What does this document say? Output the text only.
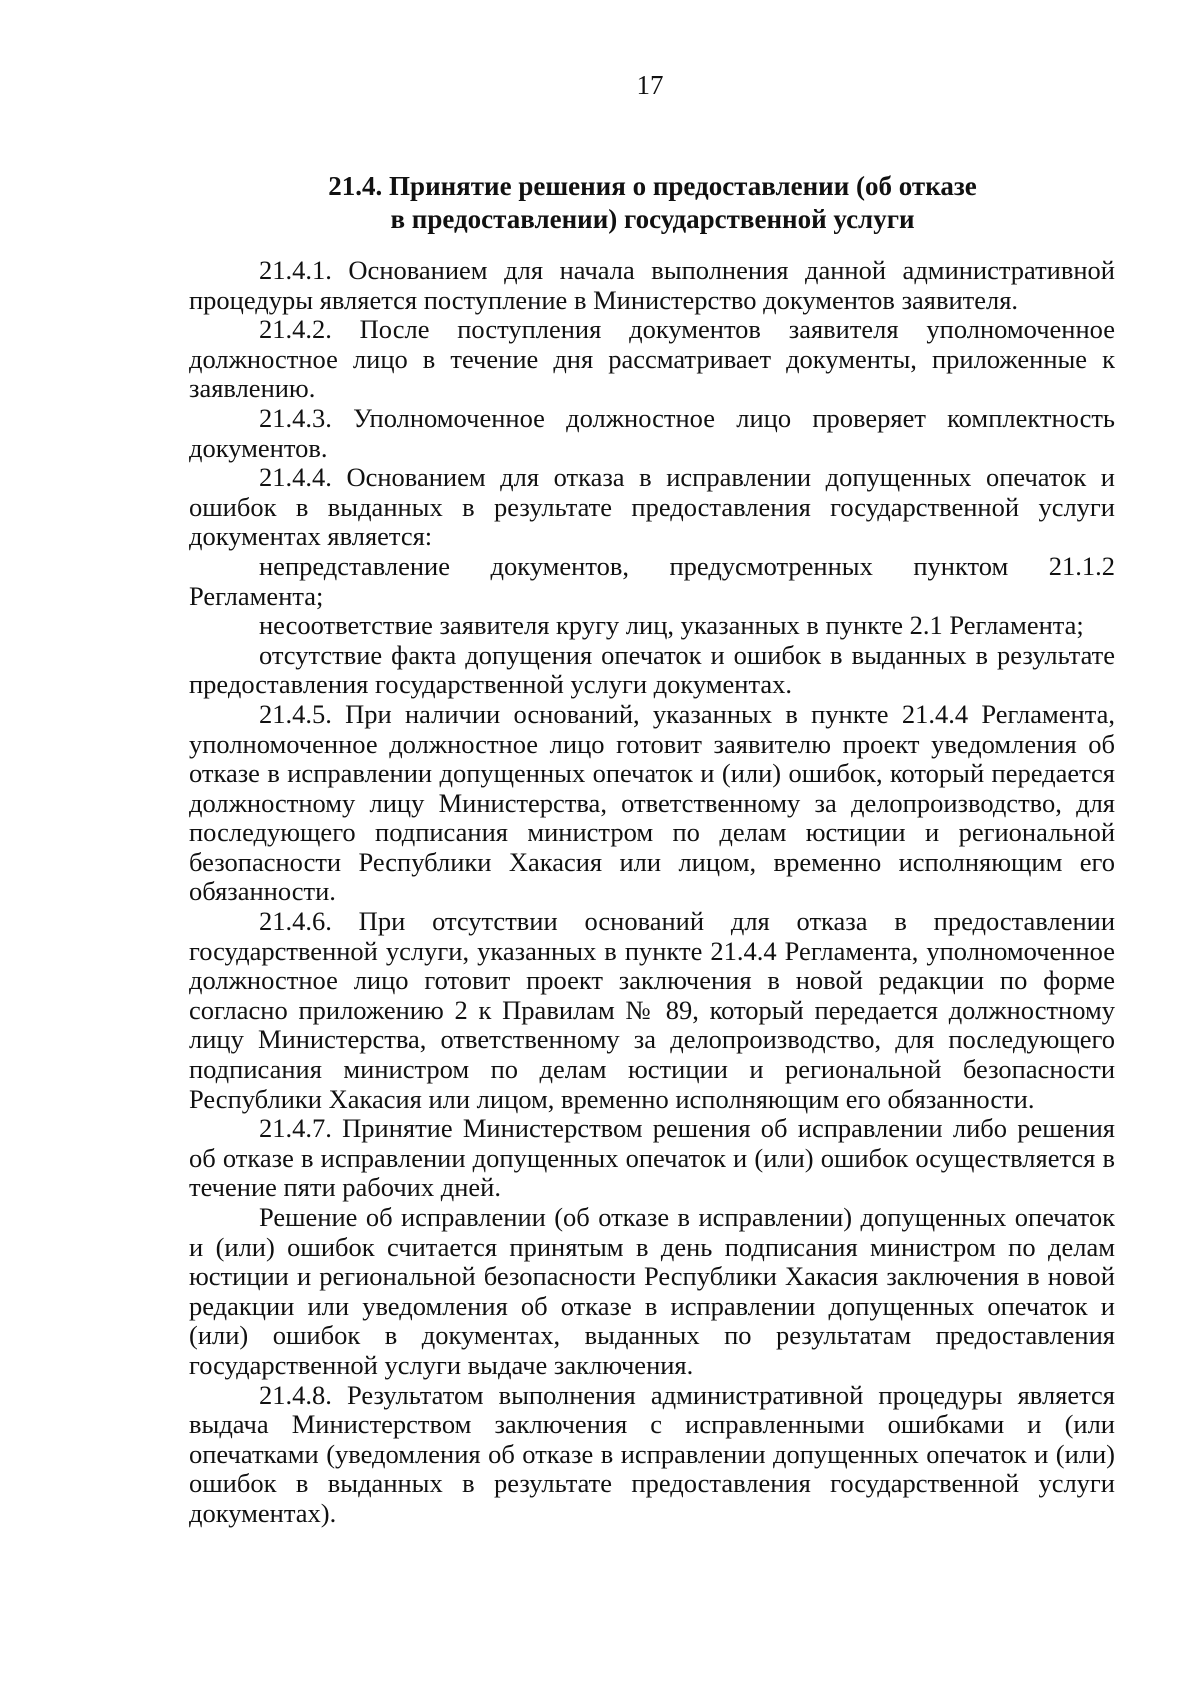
17
21.4. Принятие решения о предоставлении (об отказе
в предоставлении) государственной услуги

21.4.1. Основанием для начала выполнения данной административной процедуры является поступление в Министерство документов заявителя.

21.4.2. После поступления документов заявителя уполномоченное должностное лицо в течение дня рассматривает документы, приложенные к заявлению.

21.4.3. Уполномоченное должностное лицо проверяет комплектность документов.

21.4.4. Основанием для отказа в исправлении допущенных опечаток и ошибок в выданных в результате предоставления государственной услуги документах является:

непредставление документов, предусмотренных пунктом 21.1.2 Регламента;

несоответствие заявителя кругу лиц, указанных в пункте 2.1 Регламента;

отсутствие факта допущения опечаток и ошибок в выданных в результате предоставления государственной услуги документах.

21.4.5. При наличии оснований, указанных в пункте 21.4.4 Регламента, уполномоченное должностное лицо готовит заявителю проект уведомления об отказе в исправлении допущенных опечаток и (или) ошибок, который передается должностному лицу Министерства, ответственному за делопроизводство, для последующего подписания министром по делам юстиции и региональной безопасности Республики Хакасия или лицом, временно исполняющим его обязанности.

21.4.6. При отсутствии оснований для отказа в предоставлении государственной услуги, указанных в пункте 21.4.4 Регламента, уполномоченное должностное лицо готовит проект заключения в новой редакции по форме согласно приложению 2 к Правилам № 89, который передается должностному лицу Министерства, ответственному за делопроизводство, для последующего подписания министром по делам юстиции и региональной безопасности Республики Хакасия или лицом, временно исполняющим его обязанности.

21.4.7. Принятие Министерством решения об исправлении либо решения об отказе в исправлении допущенных опечаток и (или) ошибок осуществляется в течение пяти рабочих дней.

Решение об исправлении (об отказе в исправлении) допущенных опечаток и (или) ошибок считается принятым в день подписания министром по делам юстиции и региональной безопасности Республики Хакасия заключения в новой редакции или уведомления об отказе в исправлении допущенных опечаток и (или) ошибок в документах, выданных по результатам предоставления государственной услуги выдаче заключения.

21.4.8. Результатом выполнения административной процедуры является выдача Министерством заключения с исправленными ошибками и (или опечатками (уведомления об отказе в исправлении допущенных опечаток и (или) ошибок в выданных в результате предоставления государственной услуги документах).
